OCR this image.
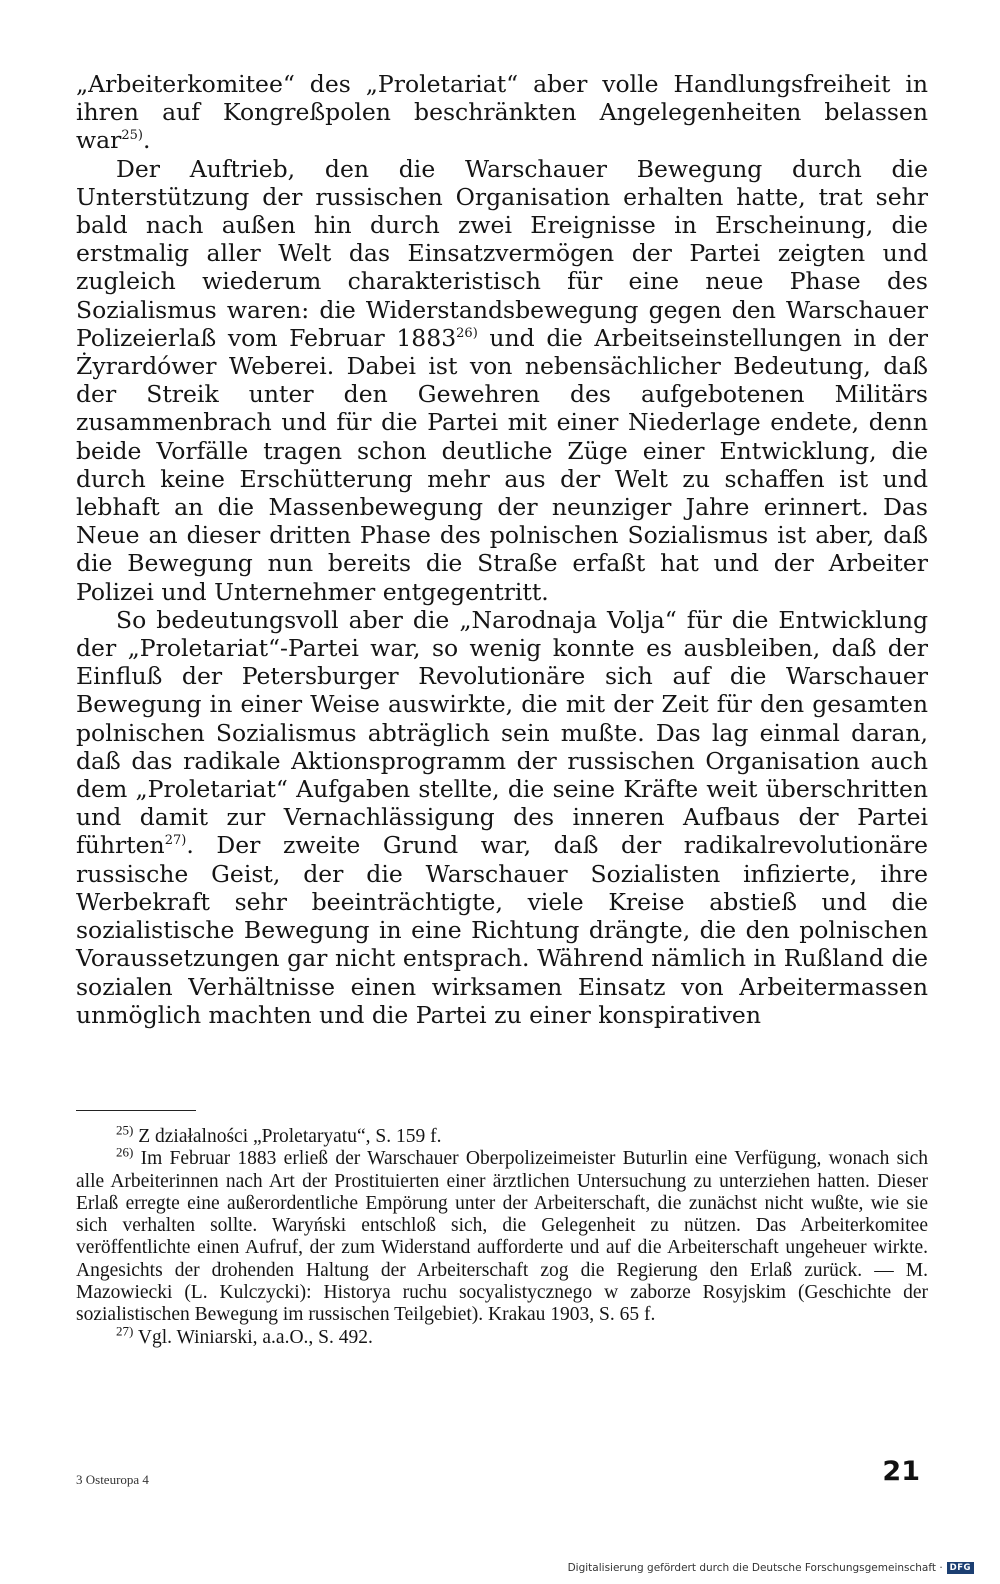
„Arbeiterkomitee“ des „Proletariat“ aber volle Handlungsfreiheit in ihren auf Kongreßpolen beschränkten Angelegenheiten belassen war$^{25)}$.

Der Auftrieb, den die Warschauer Bewegung durch die Unterstützung der russischen Organisation erhalten hatte, trat sehr bald nach außen hin durch zwei Ereignisse in Erscheinung, die erstmalig aller Welt das Einsatzvermögen der Partei zeigten und zugleich wiederum charakteristisch für eine neue Phase des Sozialismus waren: die Widerstandsbewegung gegen den Warschauer Polizeierlaß vom Februar 1883$^{26)}$ und die Arbeitseinstellungen in der Żyrardówer Weberei. Dabei ist von nebensächlicher Bedeutung, daß der Streik unter den Gewehren des aufgebotenen Militärs zusammenbrach und für die Partei mit einer Niederlage endete, denn beide Vorfälle tragen schon deutliche Züge einer Entwicklung, die durch keine Erschütterung mehr aus der Welt zu schaffen ist und lebhaft an die Massenbewegung der neunziger Jahre erinnert. Das Neue an dieser dritten Phase des polnischen Sozialismus ist aber, daß die Bewegung nun bereits die Straße erfaßt hat und der Arbeiter Polizei und Unternehmer entgegentritt.

So bedeutungsvoll aber die „Narodnaja Volja“ für die Entwicklung der „Proletariat“-Partei war, so wenig konnte es ausbleiben, daß der Einfluß der Petersburger Revolutionäre sich auf die Warschauer Bewegung in einer Weise auswirkte, die mit der Zeit für den gesamten polnischen Sozialismus abträglich sein mußte. Das lag einmal daran, daß das radikale Aktionsprogramm der russischen Organisation auch dem „Proletariat“ Aufgaben stellte, die seine Kräfte weit überschritten und damit zur Vernachlässigung des inneren Aufbaus der Partei führten$^{27)}$. Der zweite Grund war, daß der radikalrevolutionäre russische Geist, der die Warschauer Sozialisten infizierte, ihre Werbekraft sehr beeinträchtigte, viele Kreise abstieß und die sozialistische Bewegung in eine Richtung drängte, die den polnischen Voraussetzungen gar nicht entsprach. Während nämlich in Rußland die sozialen Verhältnisse einen wirksamen Einsatz von Arbeitermassen unmöglich machten und die Partei zu einer konspirativen

$^{25)}$ Z działalności „Proletaryatu“, S. 159 f.

$^{26)}$ Im Februar 1883 erließ der Warschauer Oberpolizeimeister Buturlin eine Verfügung, wonach sich alle Arbeiterinnen nach Art der Prostituierten einer ärztlichen Untersuchung zu unterziehen hatten. Dieser Erlaß erregte eine außerordentliche Empörung unter der Arbeiterschaft, die zunächst nicht wußte, wie sie sich verhalten sollte. Waryński entschloß sich, die Gelegenheit zu nützen. Das Arbeiterkomitee veröffentlichte einen Aufruf, der zum Widerstand aufforderte und auf die Arbeiterschaft ungeheuer wirkte. Angesichts der drohenden Haltung der Arbeiterschaft zog die Regierung den Erlaß zurück. — M. Mazowiecki (L. Kulczycki): Historya ruchu socyalistycznego w zaborze Rosyjskim (Geschichte der sozialistischen Bewegung im russischen Teilgebiet). Krakau 1903, S. 65 f.

$^{27)}$ Vgl. Winiarski, a.a.O., S. 492.

3 Osteuropa 4	21
Digitalisierung gefördert durch die Deutsche Forschungsgemeinschaft · DFG
